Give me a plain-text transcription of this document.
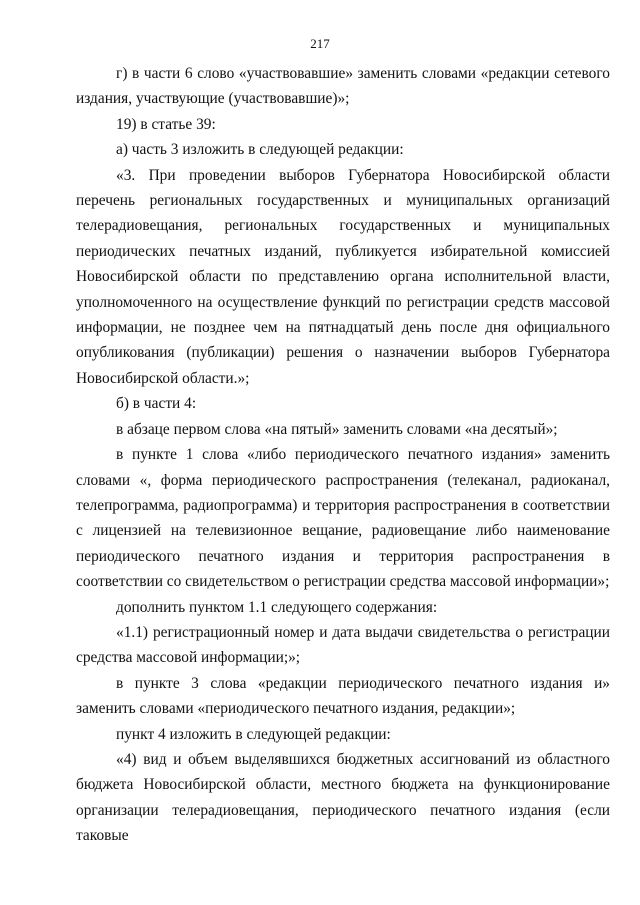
217

г) в части 6 слово «участвовавшие» заменить словами «редакции сетевого издания, участвующие (участвовавшие)»;

19) в статье 39:

а) часть 3 изложить в следующей редакции:

«3. При проведении выборов Губернатора Новосибирской области перечень региональных государственных и муниципальных организаций телерадиовещания, региональных государственных и муниципальных периодических печатных изданий, публикуется избирательной комиссией Новосибирской области по представлению органа исполнительной власти, уполномоченного на осуществление функций по регистрации средств массовой информации, не позднее чем на пятнадцатый день после дня официального опубликования (публикации) решения о назначении выборов Губернатора Новосибирской области.»;

б) в части 4:

в абзаце первом слова «на пятый» заменить словами «на десятый»;

в пункте 1 слова «либо периодического печатного издания» заменить словами «, форма периодического распространения (телеканал, радиоканал, телепрограмма, радиопрограмма) и территория распространения в соответствии с лицензией на телевизионное вещание, радиовещание либо наименование периодического печатного издания и территория распространения в соответствии со свидетельством о регистрации средства массовой информации»;

дополнить пунктом 1.1 следующего содержания:

«1.1) регистрационный номер и дата выдачи свидетельства о регистрации средства массовой информации;»;

в пункте 3 слова «редакции периодического печатного издания и» заменить словами «периодического печатного издания, редакции»;

пункт 4 изложить в следующей редакции:

«4) вид и объем выделявшихся бюджетных ассигнований из областного бюджета Новосибирской области, местного бюджета на функционирование организации телерадиовещания, периодического печатного издания (если таковые
